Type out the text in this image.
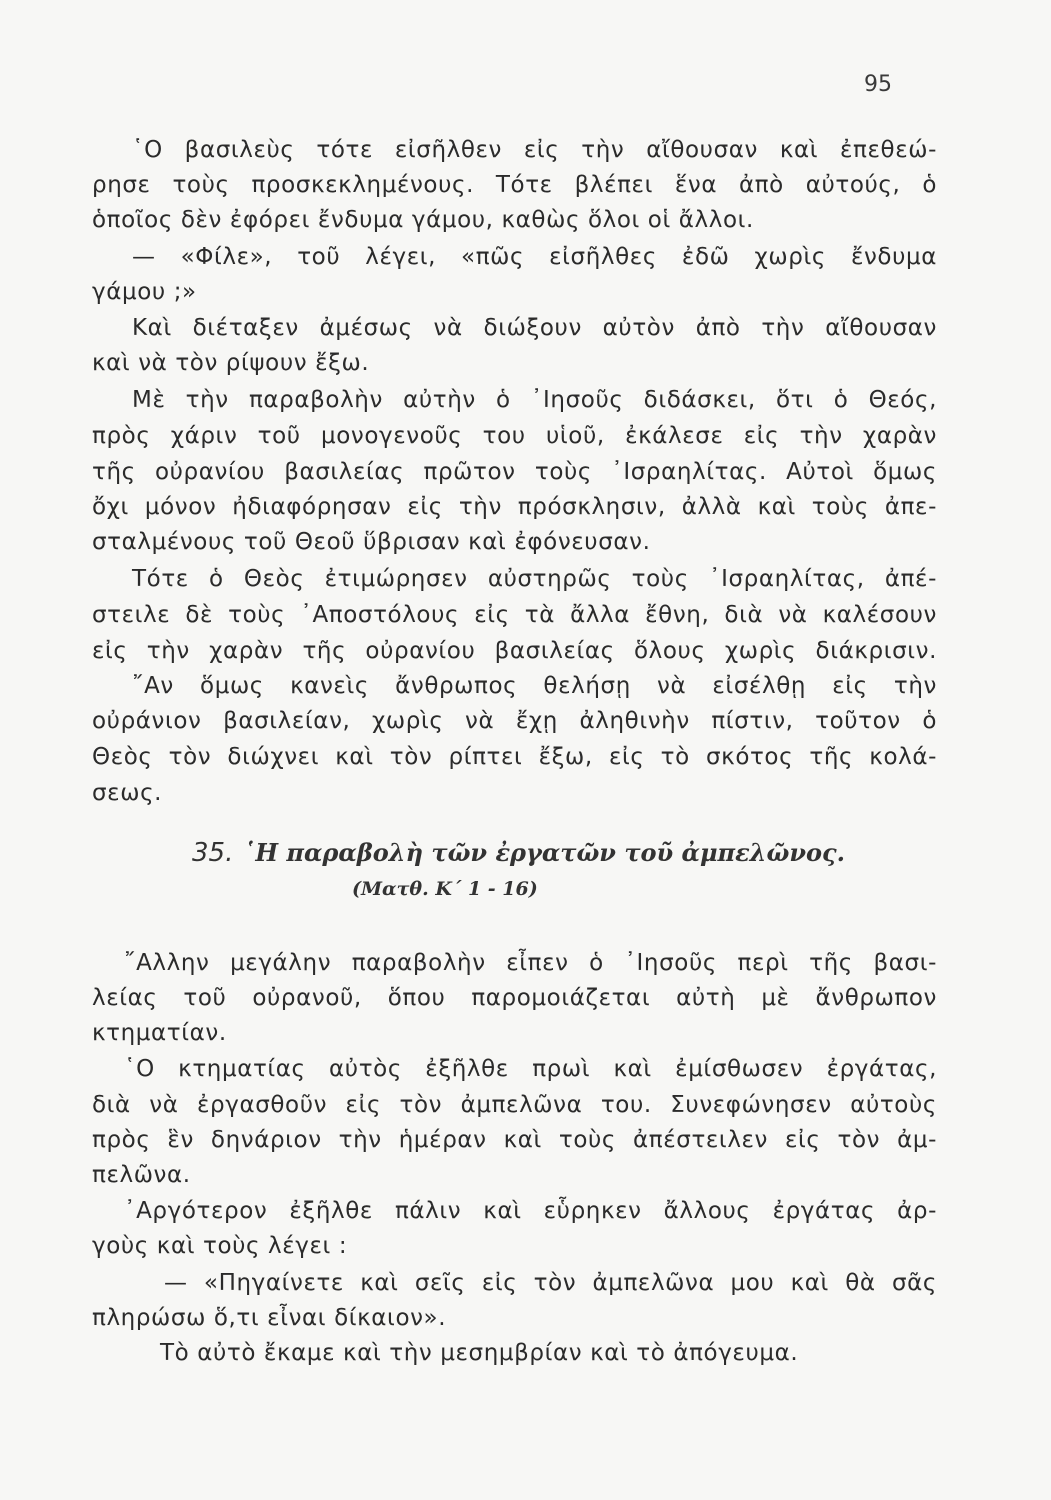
95
῾Ο βασιλεὺς τότε εἰσῆλθεν εἰς τὴν αἴθουσαν καὶ ἐπεθεώ-
ρησε τοὺς προσκεκλημένους. Τότε βλέπει ἕνα ἀπὸ αὐτούς, ὁ
ὁποῖος δὲν ἐφόρει ἔνδυμα γάμου, καθὼς ὅλοι οἱ ἄλλοι.
— «Φίλε», τοῦ λέγει, «πῶς εἰσῆλθες ἐδῶ χωρὶς ἔνδυμα
γάμου ;»
Καὶ διέταξεν ἀμέσως νὰ διώξουν αὐτὸν ἀπὸ τὴν αἴθουσαν
καὶ νὰ τὸν ρίψουν ἔξω.
Μὲ τὴν παραβολὴν αὐτὴν ὁ ᾿Ιησοῦς διδάσκει, ὅτι ὁ Θεός,
πρὸς χάριν τοῦ μονογενοῦς του υἱοῦ, ἐκάλεσε εἰς τὴν χαρὰν
τῆς οὐρανίου βασιλείας πρῶτον τοὺς ᾿Ισραηλίτας. Αὐτοὶ ὅμως
ὄχι μόνον ἠδιαφόρησαν εἰς τὴν πρόσκλησιν, ἀλλὰ καὶ τοὺς ἀπε-
σταλμένους τοῦ Θεοῦ ὕβρισαν καὶ ἐφόνευσαν.
Τότε ὁ Θεὸς ἐτιμώρησεν αὐστηρῶς τοὺς ᾿Ισραηλίτας, ἀπέ-
στειλε δὲ τοὺς ᾿Αποστόλους εἰς τὰ ἄλλα ἔθνη, διὰ νὰ καλέσουν
εἰς τὴν χαρὰν τῆς οὐρανίου βασιλείας ὅλους χωρὶς διάκρισιν.
῎Αν ὅμως κανεὶς ἄνθρωπος θελήσῃ νὰ εἰσέλθῃ εἰς τὴν
οὐράνιον βασιλείαν, χωρὶς νὰ ἔχῃ ἀληθινὴν πίστιν, τοῦτον ὁ
Θεὸς τὸν διώχνει καὶ τὸν ρίπτει ἔξω, εἰς τὸ σκότος τῆς κολά-
σεως.
35. ῾Η παραβολὴ τῶν ἐργατῶν τοῦ ἀμπελῶνος.
(Ματθ. Κ΄ 1 - 16)
῎Αλλην μεγάλην παραβολὴν εἶπεν ὁ ᾿Ιησοῦς περὶ τῆς βασι-
λείας τοῦ οὐρανοῦ, ὅπου παρομοιάζεται αὐτὴ μὲ ἄνθρωπον
κτηματίαν.
῾Ο κτηματίας αὐτὸς ἐξῆλθε πρωὶ καὶ ἐμίσθωσεν ἐργάτας,
διὰ νὰ ἐργασθοῦν εἰς τὸν ἀμπελῶνα του. Συνεφώνησεν αὐτοὺς
πρὸς ἓν δηνάριον τὴν ἡμέραν καὶ τοὺς ἀπέστειλεν εἰς τὸν ἀμ-
πελῶνα.
᾿Αργότερον ἐξῆλθε πάλιν καὶ εὗρηκεν ἄλλους ἐργάτας ἀρ-
γοὺς καὶ τοὺς λέγει :
— «Πηγαίνετε καὶ σεῖς εἰς τὸν ἀμπελῶνα μου καὶ θὰ σᾶς
πληρώσω ὅ,τι εἶναι δίκαιον».
Τὸ αὐτὸ ἔκαμε καὶ τὴν μεσημβρίαν καὶ τὸ ἀπόγευμα.
